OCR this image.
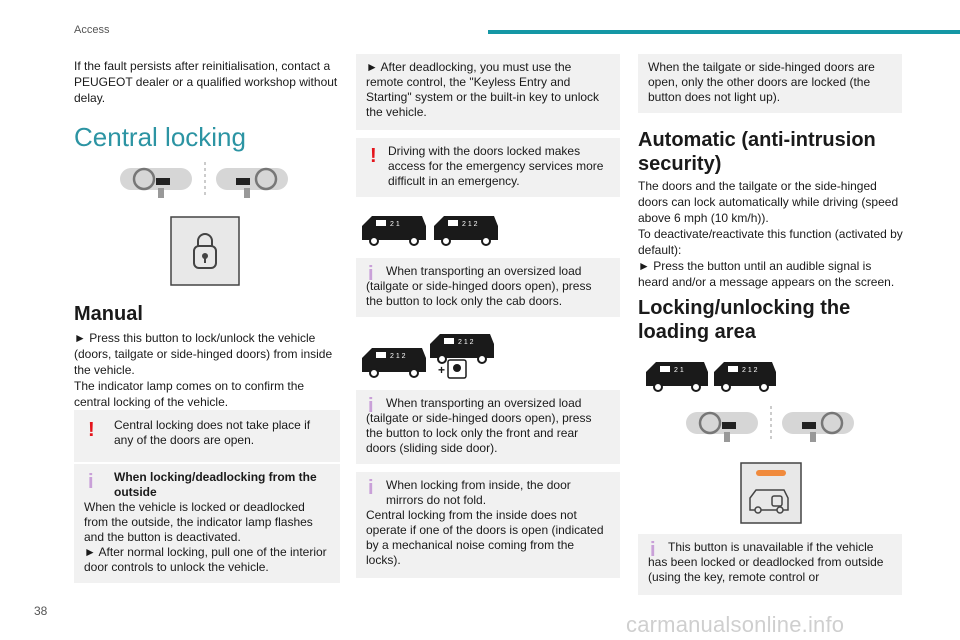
Access

If the fault persists after reinitialisation, contact a PEUGEOT dealer or a qualified workshop without delay.

Central locking
Manual

► Press this button to lock/unlock the vehicle (doors, tailgate or side-hinged doors) from inside the vehicle.
The indicator lamp comes on to confirm the central locking of the vehicle.

!	Central locking does not take place if any of the doors are open.
i	When locking/deadlocking from the outside
When the vehicle is locked or deadlocked from the outside, the indicator lamp flashes and the button is deactivated.
► After normal locking, pull one of the interior door controls to unlock the vehicle.
► After deadlocking, you must use the remote control, the "Keyless Entry and Starting" system or the built-in key to unlock the vehicle.
! Driving with the doors locked makes access for the emergency services more difficult in an emergency.
2 1	2 1 2
i	When transporting an oversized load (tailgate or side-hinged doors open), press the button to lock only the cab doors.
2 1 2
2 1 2
+
i	When transporting an oversized load (tailgate or side-hinged doors open), press the button to lock only the front and rear doors (sliding side door).
i	When locking from inside, the door mirrors do not fold.
Central locking from the inside does not operate if one of the doors is open (indicated by a mechanical noise coming from the locks).
When the tailgate or side-hinged doors are open, only the other doors are locked (the button does not light up).
Automatic (anti-intrusion security)

The doors and the tailgate or the side-hinged doors can lock automatically while driving (speed above 6 mph (10 km/h)).
To deactivate/reactivate this function (activated by default):
► Press the button until an audible signal is heard and/or a message appears on the screen.

Locking/unlocking the loading area
2 1	2 1 2
i	This button is unavailable if the vehicle has been locked or deadlocked from outside (using the key, remote control or
38
carmanualsonline.info
